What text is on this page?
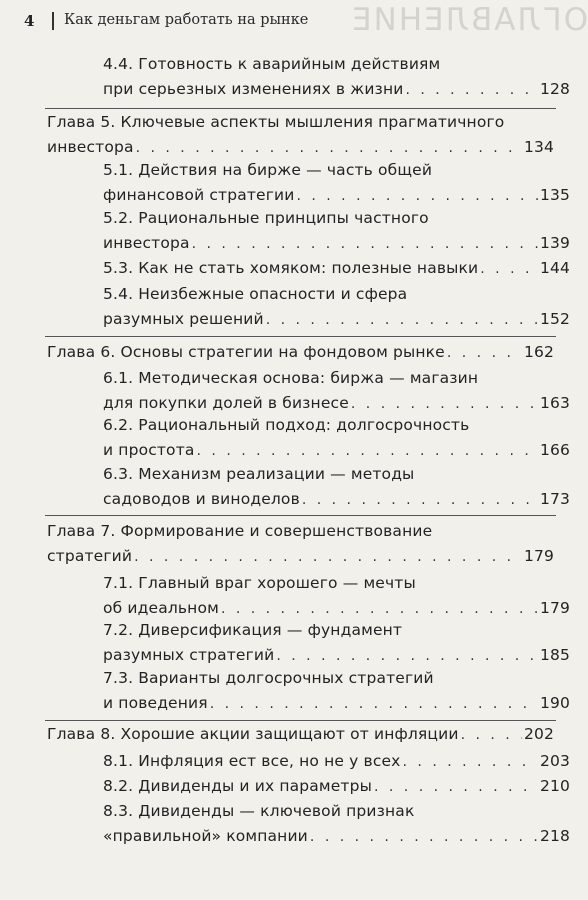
4 Как деньгам работать на рынке ОГЛАВЛЕНИЕ
4.4. Готовность к аварийным действиям
при серьезных изменениях в жизни . . .	128
Глава 5. Ключевые аспекты мышления прагматичного
инвестора . . .	134
5.1. Действия на бирже — часть общей
финансовой стратегии . . .	135
5.2. Рациональные принципы частного
инвестора . . .	139
5.3. Как не стать хомяком: полезные навыки . . .	144
5.4. Неизбежные опасности и сфера
разумных решений . . .	152
Глава 6. Основы стратегии на фондовом рынке . . .	162
6.1. Методическая основа: биржа — магазин
для покупки долей в бизнесе . . .	163
6.2. Рациональный подход: долгосрочность
и простота . . .	166
6.3. Механизм реализации — методы
садоводов и виноделов . . .	173
Глава 7. Формирование и совершенствование
стратегий . . .	179
7.1. Главный враг хорошего — мечты
об идеальном . . .	179
7.2. Диверсификация — фундамент
разумных стратегий . . .	185
7.3. Варианты долгосрочных стратегий
и поведения . . .	190
Глава 8. Хорошие акции защищают от инфляции . . .	202
8.1. Инфляция ест все, но не у всех . . .	203
8.2. Дивиденды и их параметры . . .	210
8.3. Дивиденды — ключевой признак
«правильной» компании . . .	218
